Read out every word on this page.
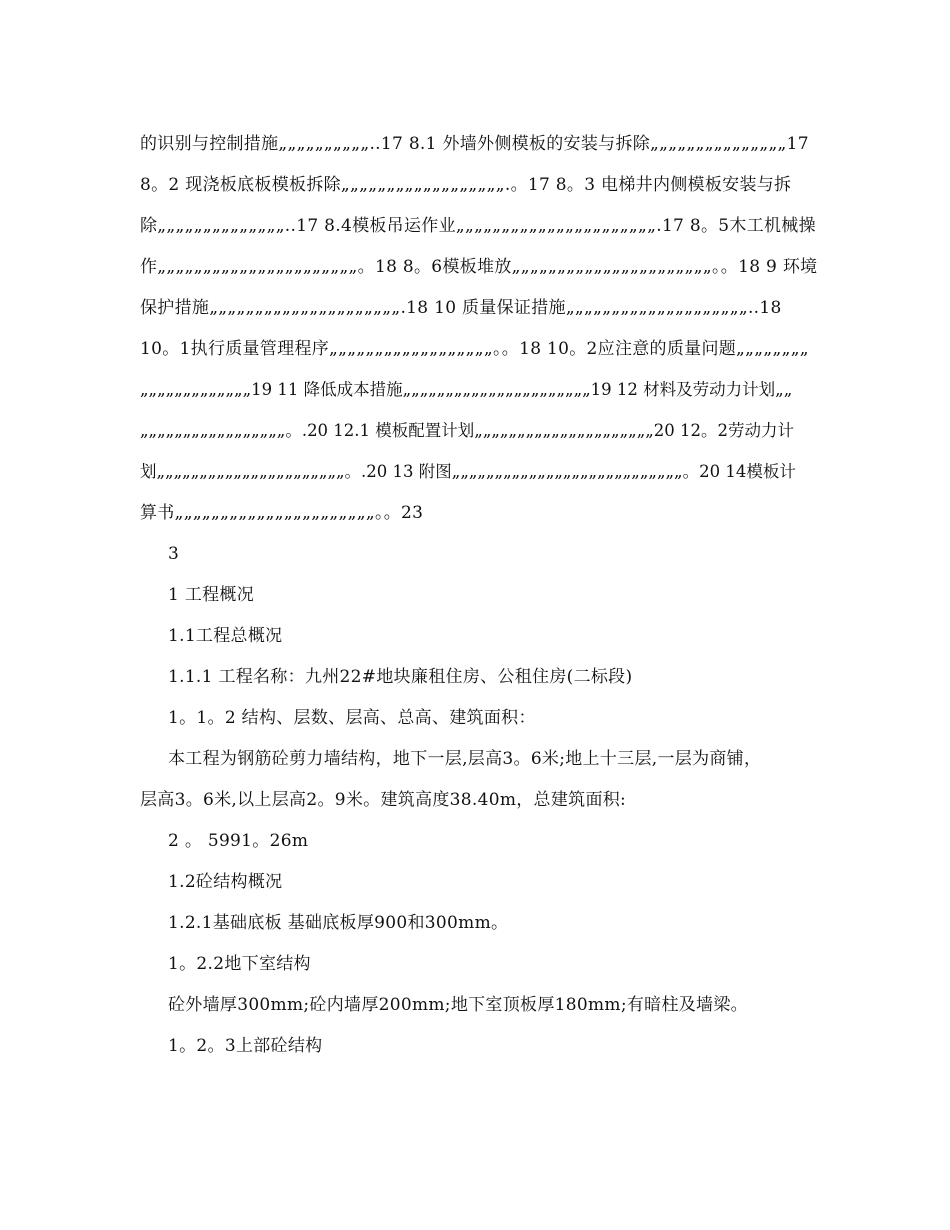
的识别与控制措施„„„„„„„„„„..17 8.1 外墙外侧模板的安装与拆除„„„„„„„„„„„„„„„17
8。2 现浇板底板模板拆除„„„„„„„„„„„„„„„„„„.。17 8。3 电梯井内侧模板安装与拆
除„„„„„„„„„„„„„„..17 8.4模板吊运作业„„„„„„„„„„„„„„„„„„„„„„.17 8。5木工机械操
作„„„„„„„„„„„„„„„„„„„„„„。18 8。6模板堆放„„„„„„„„„„„„„„„„„„„„„„。。18 9 环境
保护措施„„„„„„„„„„„„„„„„„„„„„.18 10 质量保证措施„„„„„„„„„„„„„„„„„„„„..18
10。1执行质量管理程序„„„„„„„„„„„„„„„„„„。。18 10。2应注意的质量问题„„„„„„„„
„„„„„„„„„„„„„19 11 降低成本措施„„„„„„„„„„„„„„„„„„„„„„19 12 材料及劳动力计划„„
„„„„„„„„„„„„„„„„„。.20 12.1 模板配置计划„„„„„„„„„„„„„„„„„„„„„20 12。2劳动力计
划„„„„„„„„„„„„„„„„„„„„„„。.20 13 附图„„„„„„„„„„„„„„„„„„„„„„„„„„„。20 14模板计
算书„„„„„„„„„„„„„„„„„„„„„„。。23
3
1 工程概况
1.1工程总概况
1.1.1 工程名称：九州22#地块廉租住房、公租住房(二标段)
1。1。2 结构、层数、层高、总高、建筑面积：
本工程为钢筋砼剪力墙结构，地下一层,层高3。6米;地上十三层,一层为商铺，
层高3。6米,以上层高2。9米。建筑高度38.40m，总建筑面积:
2 。 5991。26m
1.2砼结构概况
1.2.1基础底板 基础底板厚900和300mm。
1。2.2地下室结构
砼外墙厚300mm;砼内墙厚200mm;地下室顶板厚180mm;有暗柱及墙梁。
1。2。3上部砼结构
